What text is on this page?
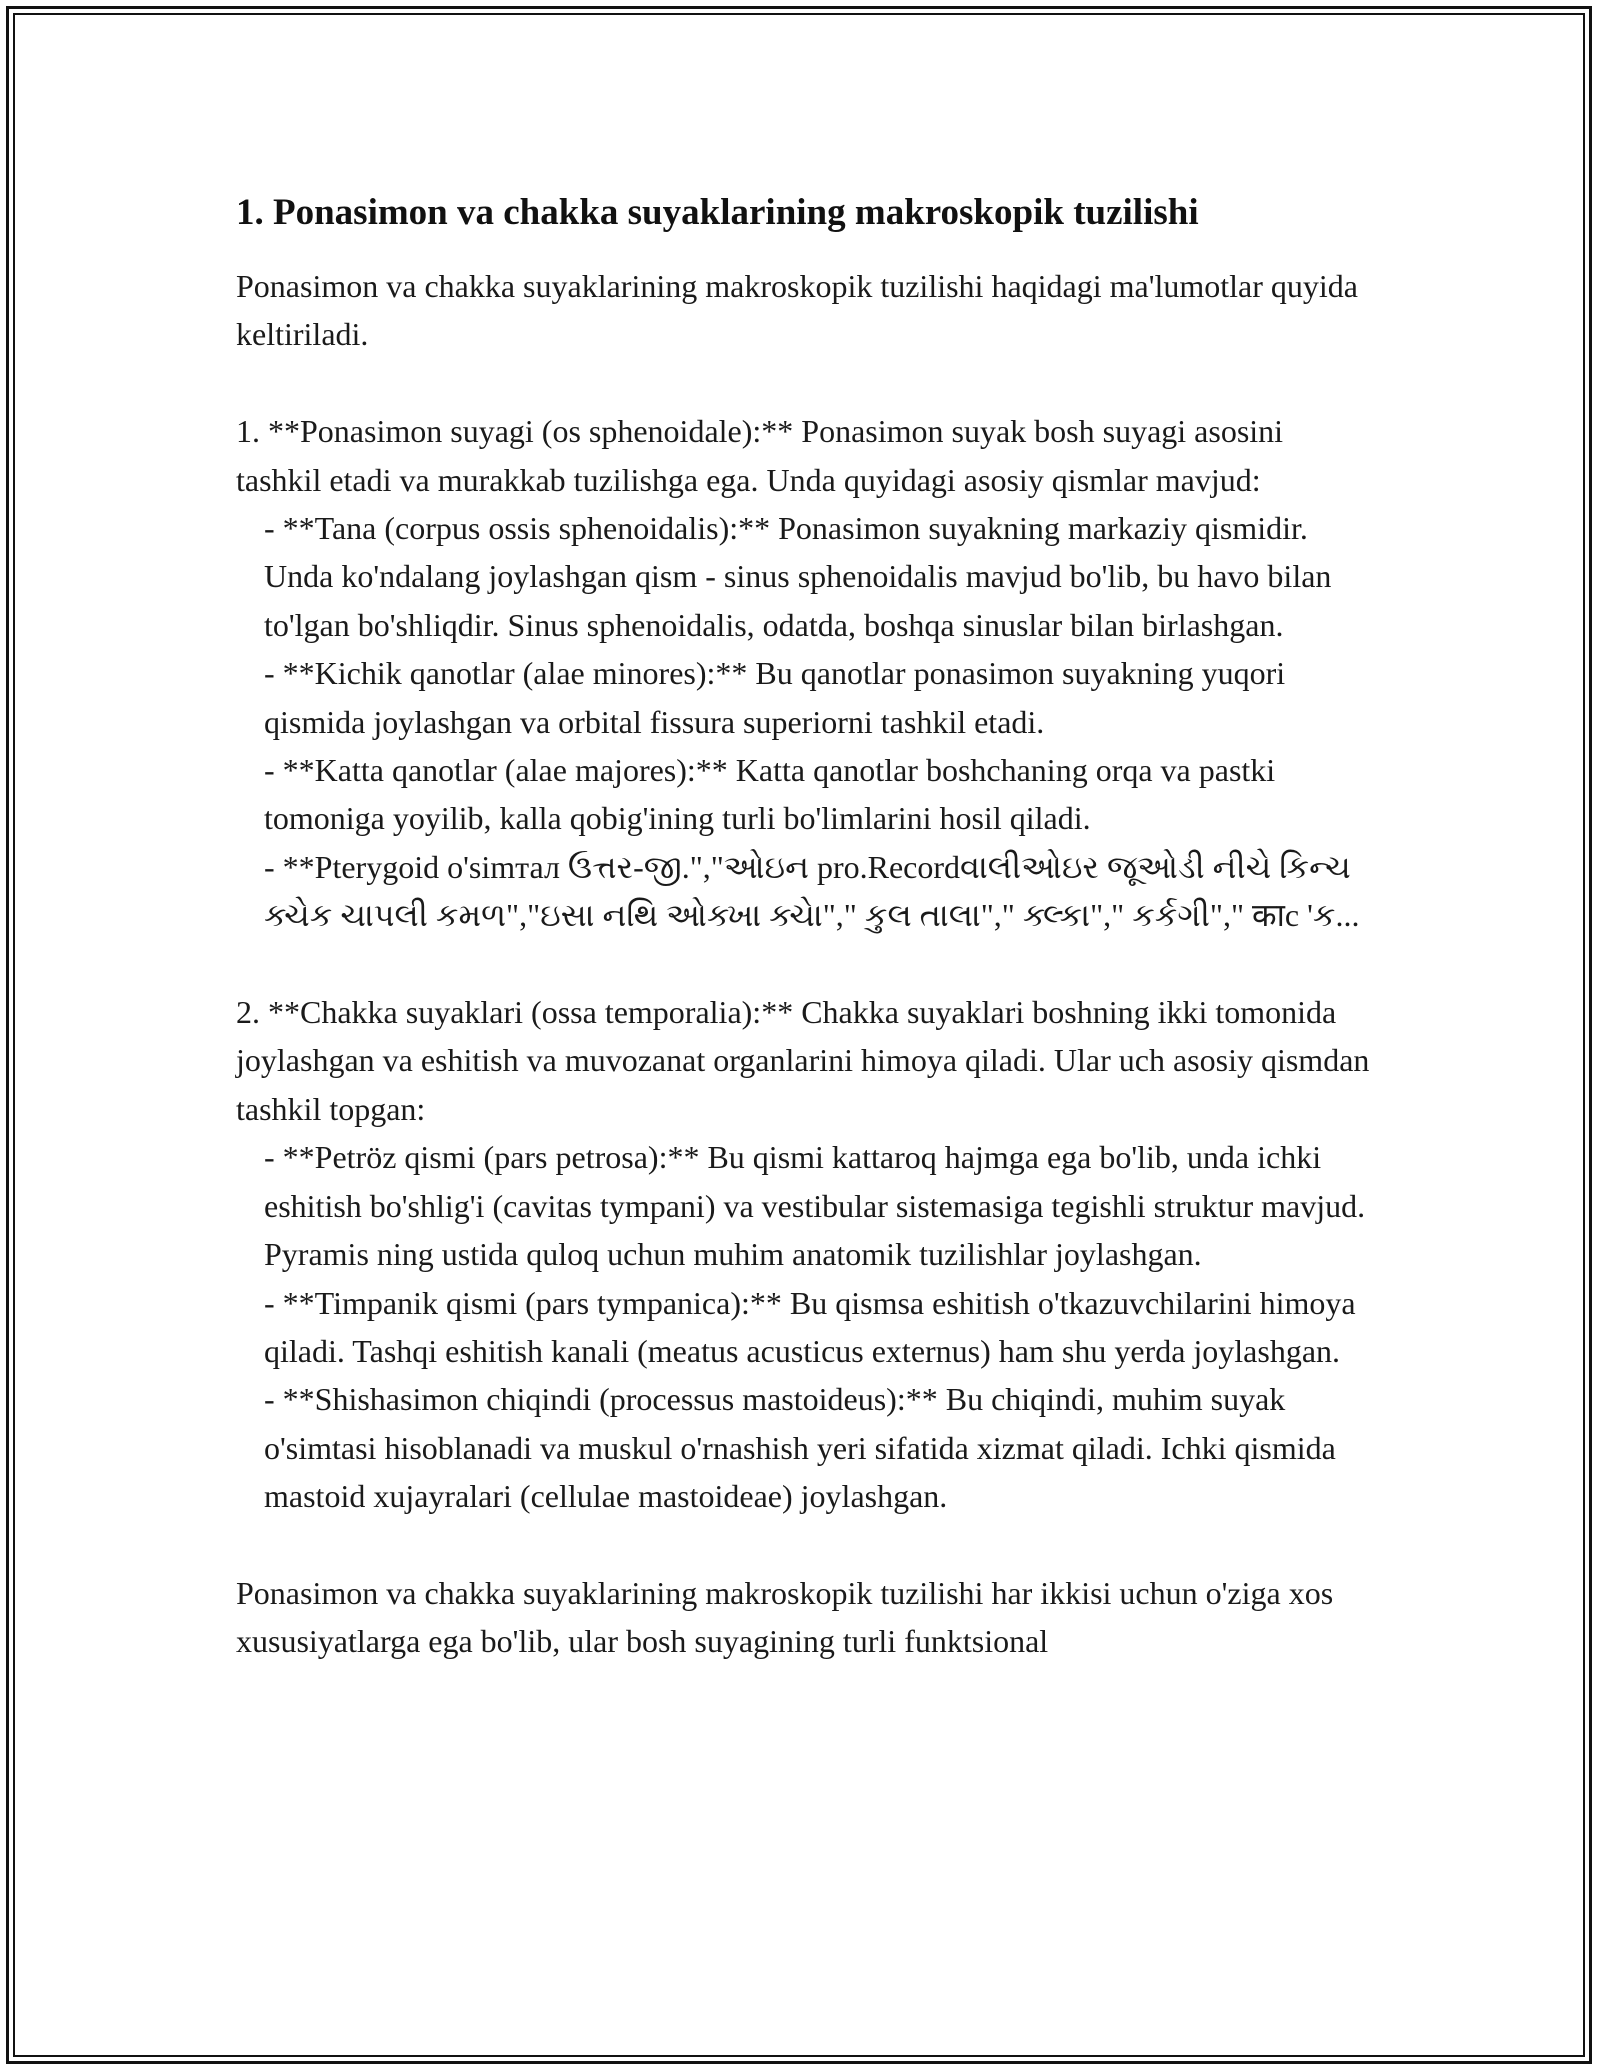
1. Ponasimon va chakka suyaklarining makroskopik tuzilishi

Ponasimon va chakka suyaklarining makroskopik tuzilishi haqidagi ma'lumotlar quyida keltiriladi.

1. **Ponasimon suyagi (os sphenoidale):** Ponasimon suyak bosh suyagi asosini tashkil etadi va murakkab tuzilishga ega. Unda quyidagi asosiy qismlar mavjud:

- **Tana (corpus ossis sphenoidalis):** Ponasimon suyakning markaziy qismidir. Unda ko'ndalang joylashgan qism - sinus sphenoidalis mavjud bo'lib, bu havo bilan to'lgan bo'shliqdir. Sinus sphenoidalis, odatda, boshqa sinuslar bilan birlashgan.

- **Kichik qanotlar (alae minores):** Bu qanotlar ponasimon suyakning yuqori qismida joylashgan va orbital fissura superiorni tashkil etadi.

- **Katta qanotlar (alae majores):** Katta qanotlar boshchaning orqa va pastki tomoniga yoyilib, kalla qobig'ining turli bo'limlarini hosil qiladi.

- **Pterygoid o'simтал ઉત્તર-જી.","ઓઇન pro.Recordવાલીઓઇર જૂઓડી નીચે કિન્ચ ક્ચેક ચાપલી કમળ","ઇસા નથિ ઓક્ખા ક્ચેા"," કુલ તાલા"," ક્લ્કા"," કર્કગી"," काc 'ક...

2. **Chakka suyaklari (ossa temporalia):** Chakka suyaklari boshning ikki tomonida joylashgan va eshitish va muvozanat organlarini himoya qiladi. Ular uch asosiy qismdan tashkil topgan:

- **Petröz qismi (pars petrosa):** Bu qismi kattaroq hajmga ega bo'lib, unda ichki eshitish bo'shlig'i (cavitas tympani) va vestibular sistemasiga tegishli struktur mavjud. Pyramis ning ustida quloq uchun muhim anatomik tuzilishlar joylashgan.

- **Timpanik qismi (pars tympanica):** Bu qismsa eshitish o'tkazuvchilarini himoya qiladi. Tashqi eshitish kanali (meatus acusticus externus) ham shu yerda joylashgan.

- **Shishasimon chiqindi (processus mastoideus):** Bu chiqindi, muhim suyak o'simtasi hisoblanadi va muskul o'rnashish yeri sifatida xizmat qiladi. Ichki qismida mastoid xujayralari (cellulae mastoideae) joylashgan.

Ponasimon va chakka suyaklarining makroskopik tuzilishi har ikkisi uchun o'ziga xos xususiyatlarga ega bo'lib, ular bosh suyagining turli funktsional
